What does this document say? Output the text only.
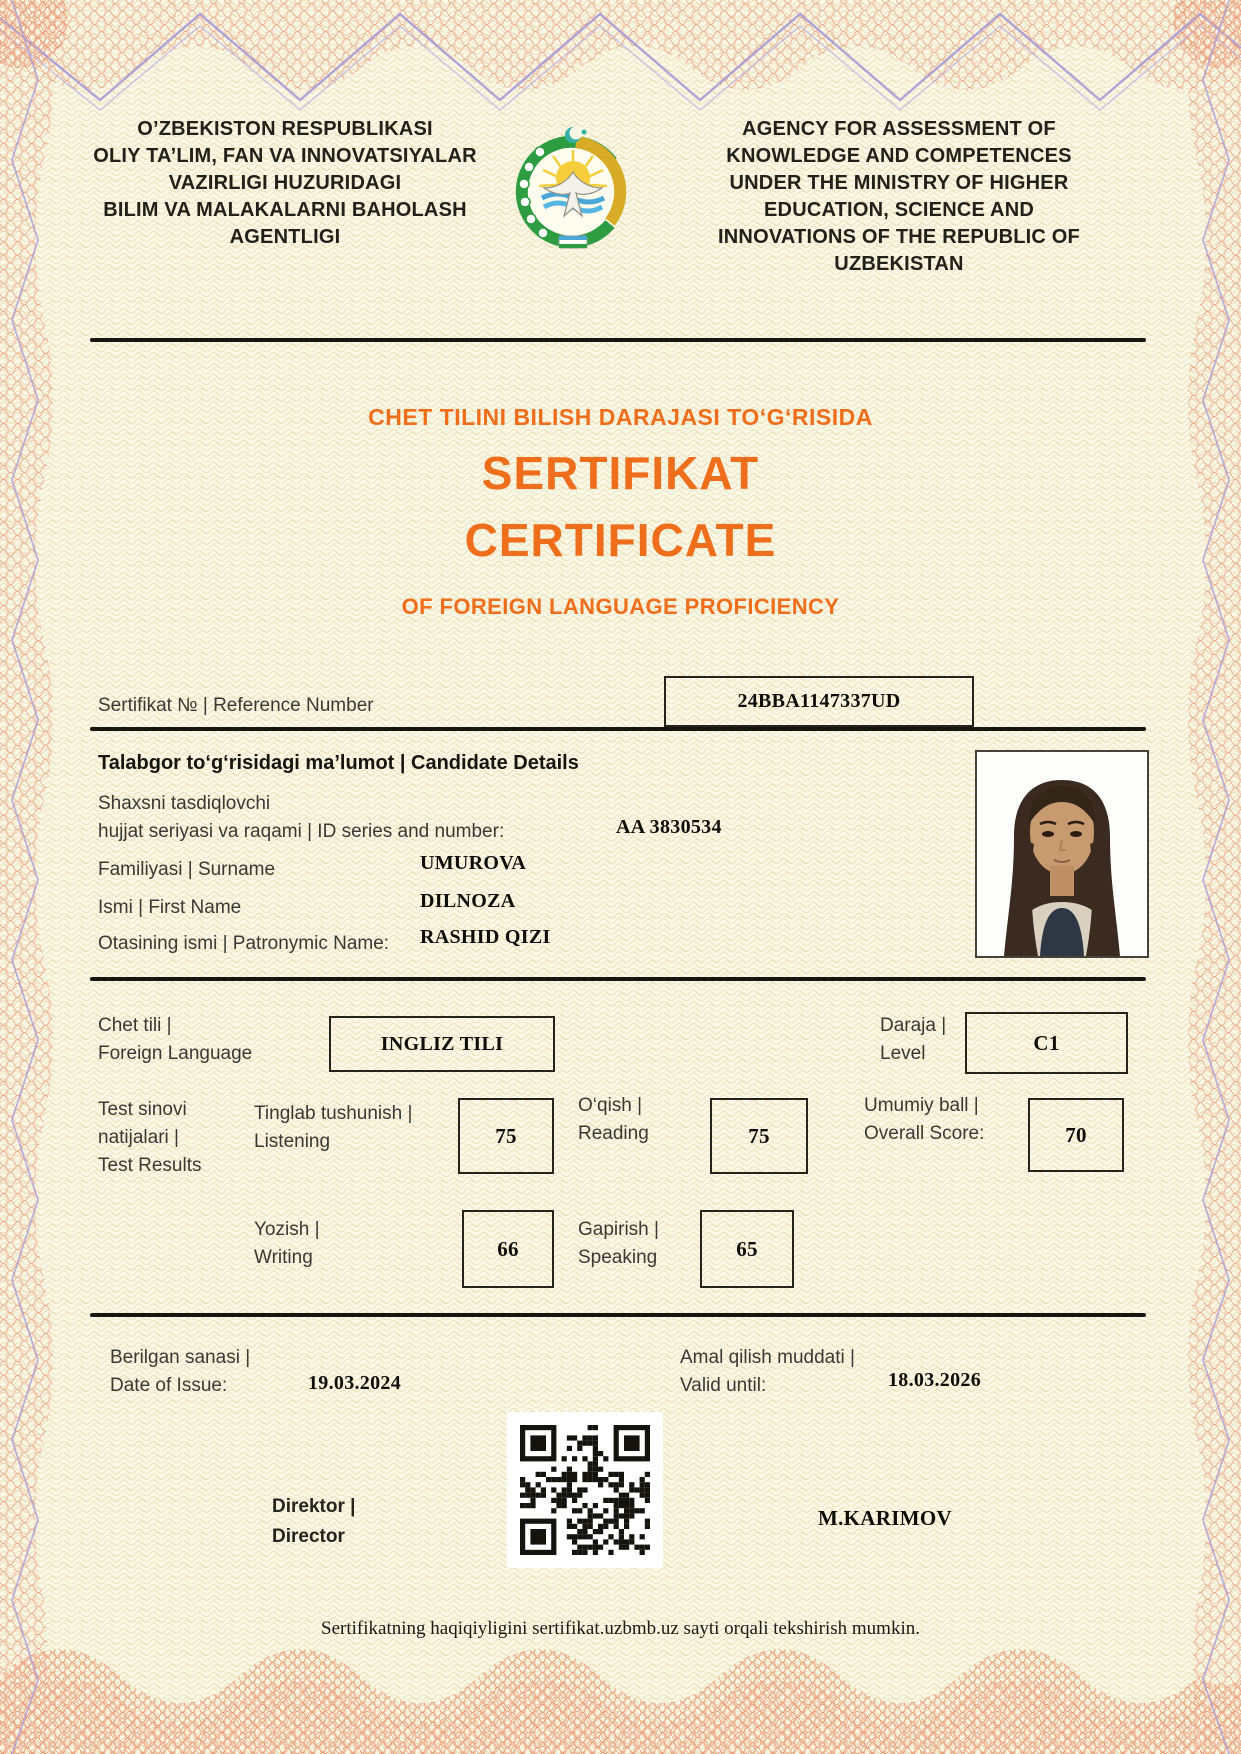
O’ZBEKISTON RESPUBLIKASI
OLIY TA’LIM, FAN VA INNOVATSIYALAR
VAZIRLIGI HUZURIDAGI
BILIM VA MALAKALARNI BAHOLASH
AGENTLIGI
AGENCY FOR ASSESSMENT OF
KNOWLEDGE AND COMPETENCES
UNDER THE MINISTRY OF HIGHER
EDUCATION, SCIENCE AND
INNOVATIONS OF THE REPUBLIC OF
UZBEKISTAN
CHET TILINI BILISH DARAJASI TO‘G‘RISIDA
SERTIFIKAT
CERTIFICATE
OF FOREIGN LANGUAGE PROFICIENCY
Sertifikat № | Reference Number	24BBA1147337UD
Talabgor to‘g‘risidagi ma’lumot | Candidate Details
Shaxsni tasdiqlovchi
hujjat seriyasi va raqami | ID series and number:	AA 3830534
Familiyasi | Surname	UMUROVA
Ismi | First Name	DILNOZA
Otasining ismi | Patronymic Name: RASHID QIZI
Chet tili |
Foreign Language	INGLIZ TILI
Daraja |
Level	C1
Test sinovi
natijalari |
Test Results
Tinglab tushunish |
Listening	75
O‘qish |
Reading	75
Umumiy ball |
Overall Score:	70
Yozish |
Writing	66
Gapirish |
Speaking	65
Berilgan sanasi |
Date of Issue:	19.03.2024
Amal qilish muddati |
Valid until:	18.03.2026
Direktor |
Director
M.KARIMOV
Sertifikatning haqiqiyligini sertifikat.uzbmb.uz sayti orqali tekshirish mumkin.
